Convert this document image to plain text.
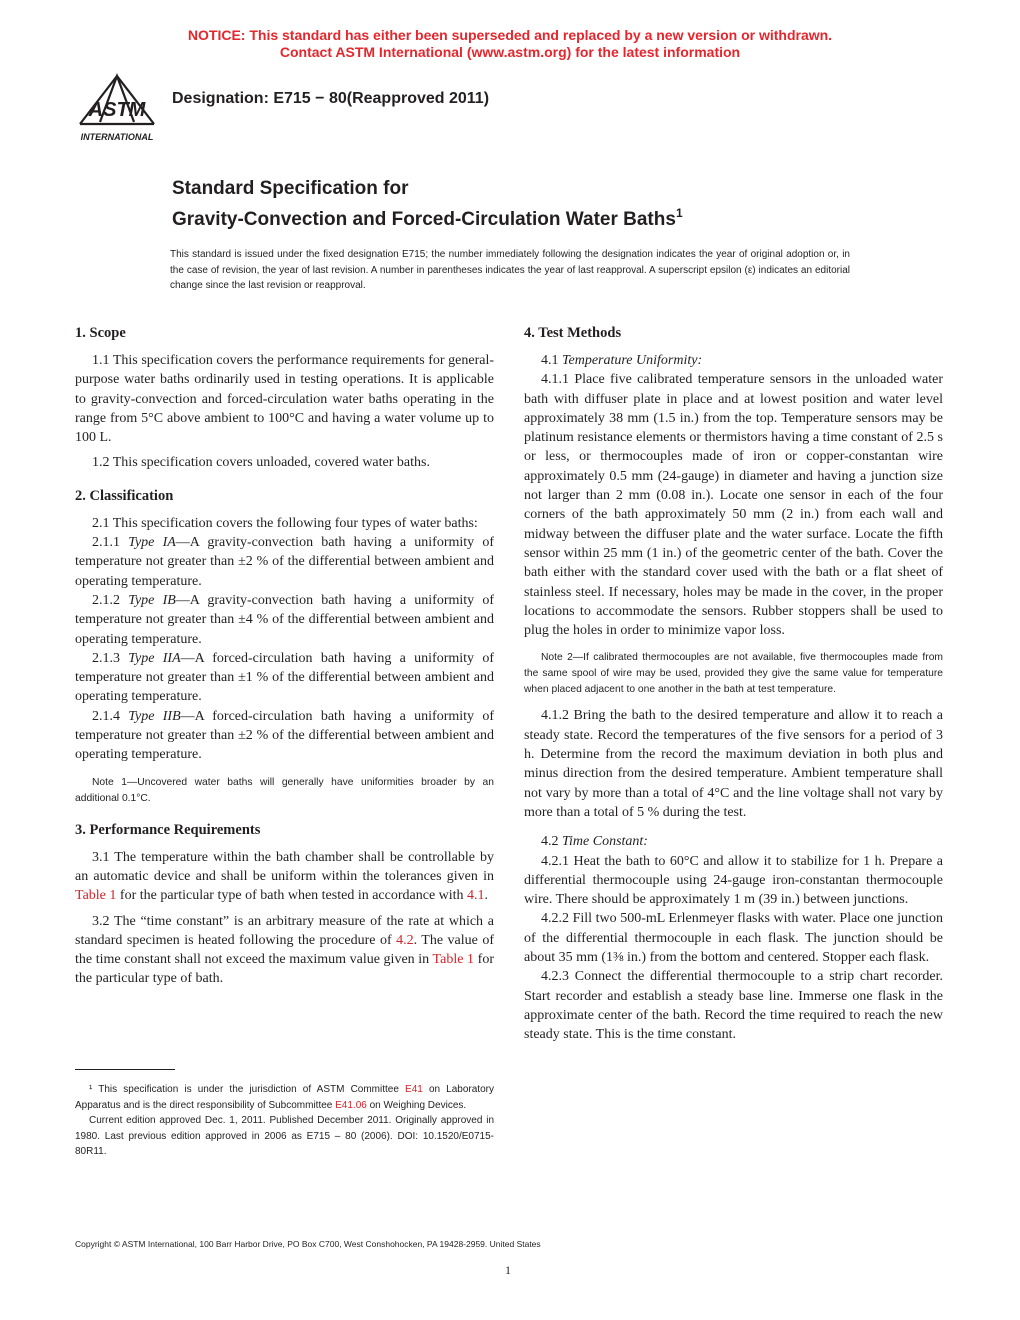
NOTICE: This standard has either been superseded and replaced by a new version or withdrawn.
Contact ASTM International (www.astm.org) for the latest information
ASTM
INTERNATIONAL
Designation: E715 − 80(Reapproved 2011)
Standard Specification for
Gravity-Convection and Forced-Circulation Water Baths$^1$
This standard is issued under the fixed designation E715; the number immediately following the designation indicates the year of original adoption or, in the case of revision, the year of last revision. A number in parentheses indicates the year of last reapproval. A superscript epsilon (ε) indicates an editorial change since the last revision or reapproval.
1. Scope

1.1 This specification covers the performance requirements for general-purpose water baths ordinarily used in testing operations. It is applicable to gravity-convection and forced-circulation water baths operating in the range from 5°C above ambient to 100°C and having a water volume up to 100 L.

1.2 This specification covers unloaded, covered water baths.

2. Classification

2.1 This specification covers the following four types of water baths:

2.1.1 Type IA—A gravity-convection bath having a uniformity of temperature not greater than ±2 % of the differential between ambient and operating temperature.

2.1.2 Type IB—A gravity-convection bath having a uniformity of temperature not greater than ±4 % of the differential between ambient and operating temperature.

2.1.3 Type IIA—A forced-circulation bath having a uniformity of temperature not greater than ±1 % of the differential between ambient and operating temperature.

2.1.4 Type IIB—A forced-circulation bath having a uniformity of temperature not greater than ±2 % of the differential between ambient and operating temperature.

Note 1—Uncovered water baths will generally have uniformities broader by an additional 0.1°C.
3. Performance Requirements

3.1 The temperature within the bath chamber shall be controllable by an automatic device and shall be uniform within the tolerances given in Table 1 for the particular type of bath when tested in accordance with 4.1.

3.2 The “time constant” is an arbitrary measure of the rate at which a standard specimen is heated following the procedure of 4.2. The value of the time constant shall not exceed the maximum value given in Table 1 for the particular type of bath.

4. Test Methods

4.1 Temperature Uniformity:

4.1.1 Place five calibrated temperature sensors in the unloaded water bath with diffuser plate in place and at lowest position and water level approximately 38 mm (1.5 in.) from the top. Temperature sensors may be platinum resistance elements or thermistors having a time constant of 2.5 s or less, or thermocouples made of iron or copper-constantan wire approximately 0.5 mm (24-gauge) in diameter and having a junction size not larger than 2 mm (0.08 in.). Locate one sensor in each of the four corners of the bath approximately 50 mm (2 in.) from each wall and midway between the diffuser plate and the water surface. Locate the fifth sensor within 25 mm (1 in.) of the geometric center of the bath. Cover the bath either with the standard cover used with the bath or a flat sheet of stainless steel. If necessary, holes may be made in the cover, in the proper locations to accommodate the sensors. Rubber stoppers shall be used to plug the holes in order to minimize vapor loss.

Note 2—If calibrated thermocouples are not available, five thermocouples made from the same spool of wire may be used, provided they give the same value for temperature when placed adjacent to one another in the bath at test temperature.

4.1.2 Bring the bath to the desired temperature and allow it to reach a steady state. Record the temperatures of the five sensors for a period of 3 h. Determine from the record the maximum deviation in both plus and minus direction from the desired temperature. Ambient temperature shall not vary by more than a total of 4°C and the line voltage shall not vary by more than a total of 5 % during the test.

4.2 Time Constant:

4.2.1 Heat the bath to 60°C and allow it to stabilize for 1 h. Prepare a differential thermocouple using 24-gauge iron-constantan thermocouple wire. There should be approximately 1 m (39 in.) between junctions.

4.2.2 Fill two 500-mL Erlenmeyer flasks with water. Place one junction of the differential thermocouple in each flask. The junction should be about 35 mm (1⅜ in.) from the bottom and centered. Stopper each flask.

4.2.3 Connect the differential thermocouple to a strip chart recorder. Start recorder and establish a steady base line. Immerse one flask in the approximate center of the bath. Record the time required to reach the new steady state. This is the time constant.

¹ This specification is under the jurisdiction of ASTM Committee E41 on Laboratory Apparatus and is the direct responsibility of Subcommittee E41.06 on Weighing Devices.

Current edition approved Dec. 1, 2011. Published December 2011. Originally approved in 1980. Last previous edition approved in 2006 as E715 – 80 (2006). DOI: 10.1520/E0715-80R11.

Copyright © ASTM International, 100 Barr Harbor Drive, PO Box C700, West Conshohocken, PA 19428-2959. United States
1
